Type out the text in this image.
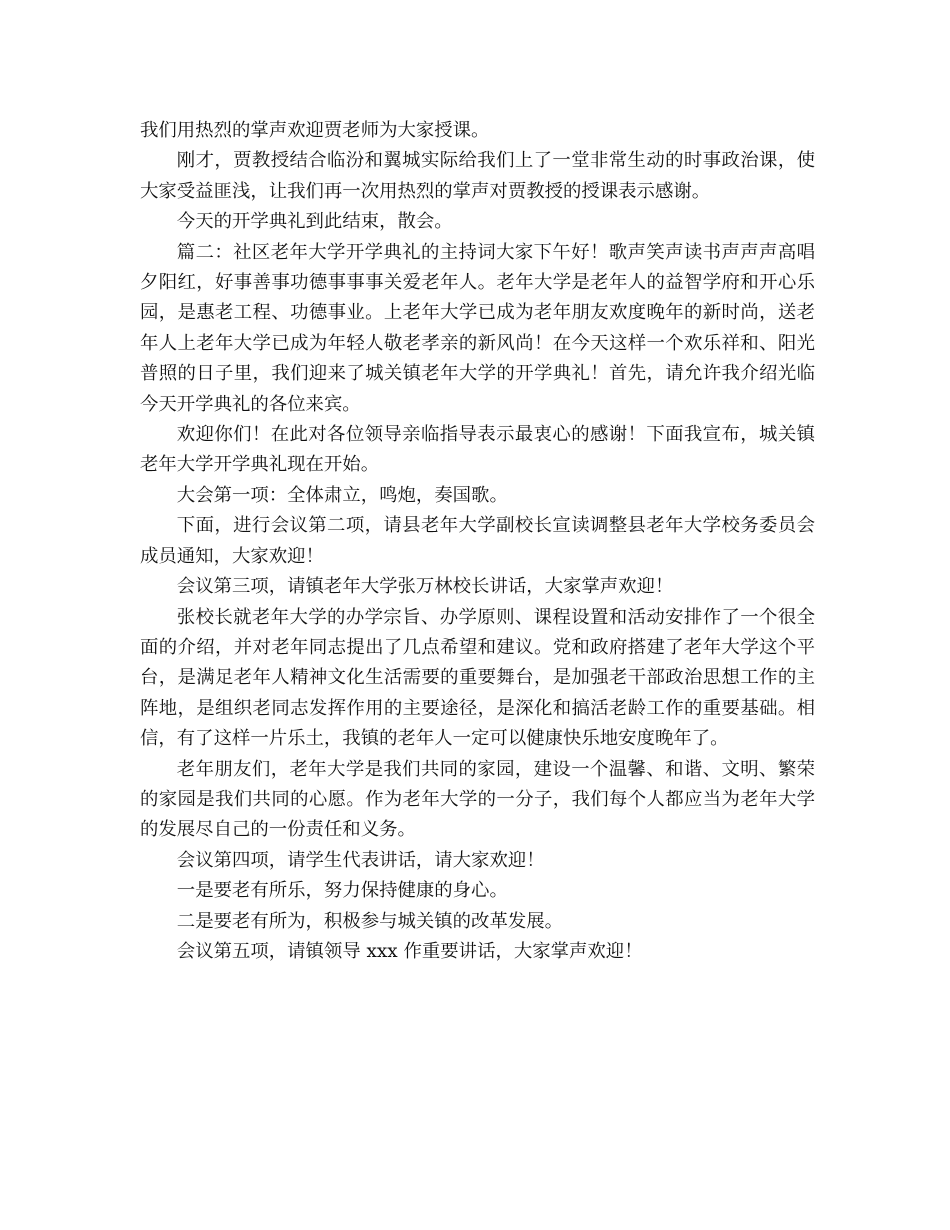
我们用热烈的掌声欢迎贾老师为大家授课。

刚才，贾教授结合临汾和翼城实际给我们上了一堂非常生动的时事政治课，使大家受益匪浅，让我们再一次用热烈的掌声对贾教授的授课表示感谢。

今天的开学典礼到此结束，散会。

篇二：社区老年大学开学典礼的主持词大家下午好！歌声笑声读书声声声高唱夕阳红，好事善事功德事事事关爱老年人。老年大学是老年人的益智学府和开心乐园，是惠老工程、功德事业。上老年大学已成为老年朋友欢度晚年的新时尚，送老年人上老年大学已成为年轻人敬老孝亲的新风尚！在今天这样一个欢乐祥和、阳光普照的日子里，我们迎来了城关镇老年大学的开学典礼！首先，请允许我介绍光临今天开学典礼的各位来宾。

欢迎你们！在此对各位领导亲临指导表示最衷心的感谢！下面我宣布，城关镇老年大学开学典礼现在开始。

大会第一项：全体肃立，鸣炮，奏国歌。

下面，进行会议第二项，请县老年大学副校长宣读调整县老年大学校务委员会成员通知，大家欢迎！

会议第三项，请镇老年大学张万林校长讲话，大家掌声欢迎！

张校长就老年大学的办学宗旨、办学原则、课程设置和活动安排作了一个很全面的介绍，并对老年同志提出了几点希望和建议。党和政府搭建了老年大学这个平台，是满足老年人精神文化生活需要的重要舞台，是加强老干部政治思想工作的主阵地，是组织老同志发挥作用的主要途径，是深化和搞活老龄工作的重要基础。相信，有了这样一片乐土，我镇的老年人一定可以健康快乐地安度晚年了。

老年朋友们，老年大学是我们共同的家园，建设一个温馨、和谐、文明、繁荣的家园是我们共同的心愿。作为老年大学的一分子，我们每个人都应当为老年大学的发展尽自己的一份责任和义务。

会议第四项，请学生代表讲话，请大家欢迎！

一是要老有所乐，努力保持健康的身心。

二是要老有所为，积极参与城关镇的改革发展。

会议第五项，请镇领导 xxx 作重要讲话，大家掌声欢迎！
